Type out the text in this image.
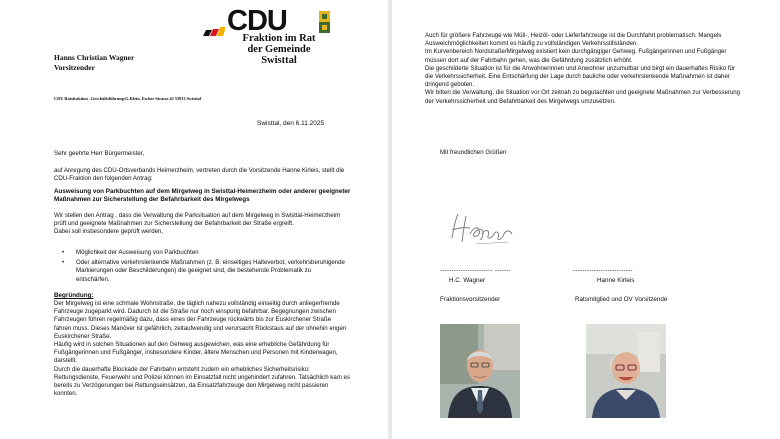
CDU
Fraktion im Rat
der Gemeinde Swisttal
Hanns Christian Wagner
Vorsitzender
CDU Ratsfraktion –Geschäftsführung:G.Klein, Escher Strasse 42 53913 Swisttal
Swisttal, den 6.11.2025
Sehr geehrte Herr Bürgermeister,
auf Anregung des CDU-Ortsverbands Heimerzheim, vertreten durch die Vorsitzende Hanne Kirleis, stellt die CDU-Fraktion den folgenden Antrag:
Ausweisung von Parkbuchten auf dem Mirgelweg in Swisttal-Heimerzheim oder anderer geeigneter Maßnahmen zur Sicherstellung der Befahrbarkeit des Mirgelwegs
Wir stellen den Antrag , dass die Verwaltung die Parksituation auf dem Mirgelweg in Swisttal-Heimerzheim prüft und geeignete Maßnahmen zur Sicherstellung der Befahrbarkeit der Straße ergreift.
Dabei soll insbesondere geprüft werden,
• Möglichkeit der Ausweisung von Parkbuchten
• Oder alternative verkehrslenkende Maßnahmen (z. B. einseitiges Halteverbot, verkehrsberuhigende Markierungen oder Beschilderungen) die geeignet sind, die bestehende Problematik zu entschärfen.
Begründung:
Der Mirgelweg ist eine schmale Wohnstraße, die täglich nahezu vollständig einseitig durch anliegerfremde Fahrzeuge zugeparkt wird. Dadurch ist die Straße nur noch einspurig befahrbar. Begegnungen zwischen Fahrzeugen führen regelmäßig dazu, dass eines der Fahrzeuge rückwärts bis zur Euskirchener Straße fahren muss. Dieses Manöver ist gefährlich, zeitaufwendig und verursacht Rückstaus auf der ohnehin engen Euskirchener Straße.
Häufig wird in solchen Situationen auf den Gehweg ausgewichen, was eine erhebliche Gefährdung für Fußgängerinnen und Fußgänger, insbesondere Kinder, ältere Menschen und Personen mit Kinderwagen, darstellt.
Durch die dauerhafte Blockade der Fahrbahn entsteht zudem ein erhebliches Sicherheitsrisiko: Rettungsdienste, Feuerwehr und Polizei können im Einsatzfall nicht ungehindert zufahren. Tatsächlich kam es bereits zu Verzögerungen bei Rettungseinsätzen, da Einsatzfahrzeuge den Mirgelweg nicht passieren konnten.
Auch für größere Fahrzeuge wie Müll-, Heizöl- oder Lieferfahrzeuge ist die Durchfahrt problematisch. Mangels Ausweichmöglichkeiten kommt es häufig zu vollständigen Verkehrsstillständen.
Im Kurvenbereich Nordstraße/Mirgelweg existiert kein durchgängiger Gehweg. Fußgängerinnen und Fußgänger müssen dort auf der Fahrbahn gehen, was die Gefährdung zusätzlich erhöht.
Die geschilderte Situation ist für die Anwohnerinnen und Anwohner unzumutbar und birgt ein dauerhaftes Risiko für die Verkehrssicherheit. Eine Entschärfung der Lage durch bauliche oder verkehrslenkende Maßnahmen ist daher dringend geboten.
Wir bitten die Verwaltung, die Situation vor Ort zeitnah zu begutachten und geeignete Maßnahmen zur Verbesserung der Verkehrssicherheit und Befahrbarkeit des Mirgelwegs umzusetzen.
Mit freundlichen Grüßen
----------------------- -------	--------------------------
H.C. Wagner	Hanne Kirleis
Fraktionsvorsitzender	Ratsmitglied und OV Vorsitzende
